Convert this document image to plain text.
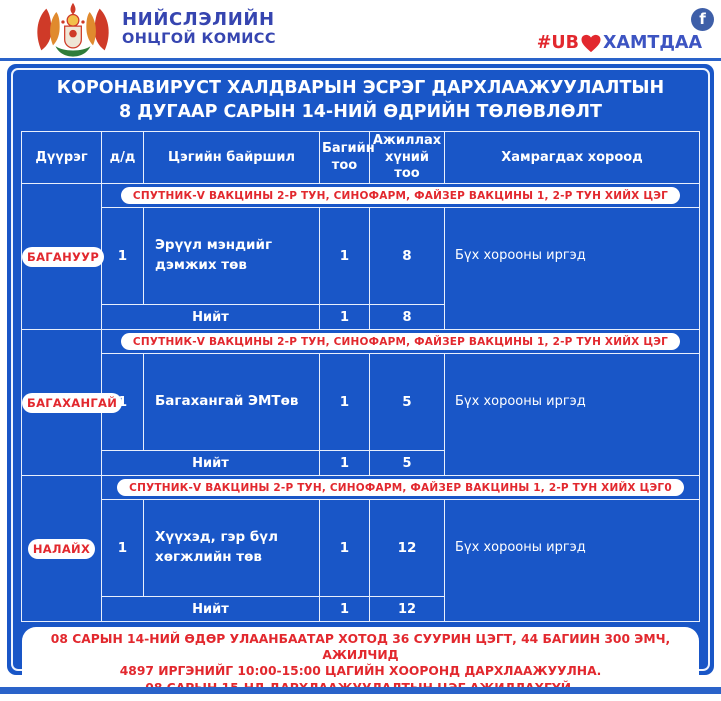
НИЙСЛЭЛИЙН
ОНЦГОЙ КОМИСС
f
#UB ХАМТДАА
КОРОНАВИРУСТ ХАЛДВАРЫН ЭСРЭГ ДАРХЛААЖУУЛАЛТЫН
8 ДУГААР САРЫН 14-НИЙ ӨДРИЙН ТӨЛӨВЛӨЛТ
Дүүрэг	д/д	Цэгийн байршил	Багийн тоо	Ажиллах хүний тоо	Хамрагдах хороод
БАГАНУУР	СПУТНИК-V ВАКЦИНЫ 2-Р ТУН, СИНОФАРМ, ФАЙЗЕР ВАКЦИНЫ 1, 2-Р ТУН ХИЙХ ЦЭГ				

	1	Эрүүл мэндийг дэмжих төв	1	8	Бүх хорооны иргэд
	Нийт		1	8	
БАГАХАНГАЙ	СПУТНИК-V ВАКЦИНЫ 2-Р ТУН, СИНОФАРМ, ФАЙЗЕР ВАКЦИНЫ 1, 2-Р ТУН ХИЙХ ЦЭГ				

	1	Багахангай ЭМТөв	1	5	Бүх хорооны иргэд
	Нийт		1	5	
НАЛАЙХ	СПУТНИК-V ВАКЦИНЫ 2-Р ТУН, СИНОФАРМ, ФАЙЗЕР ВАКЦИНЫ 1, 2-Р ТУН ХИЙХ ЦЭГ0				

	1	Хүүхэд, гэр бүл хөгжлийн төв	1	12	Бүх хорооны иргэд
	Нийт		1	12	
08 САРЫН 14-НИЙ ӨДӨР УЛААНБААТАР ХОТОД 36 СУУРИН ЦЭГТ, 44 БАГИИН 300 ЭМЧ, АЖИЛЧИД
4897 ИРГЭНИЙГ 10:00-15:00 ЦАГИЙН ХООРОНД ДАРХЛААЖУУЛНА.
